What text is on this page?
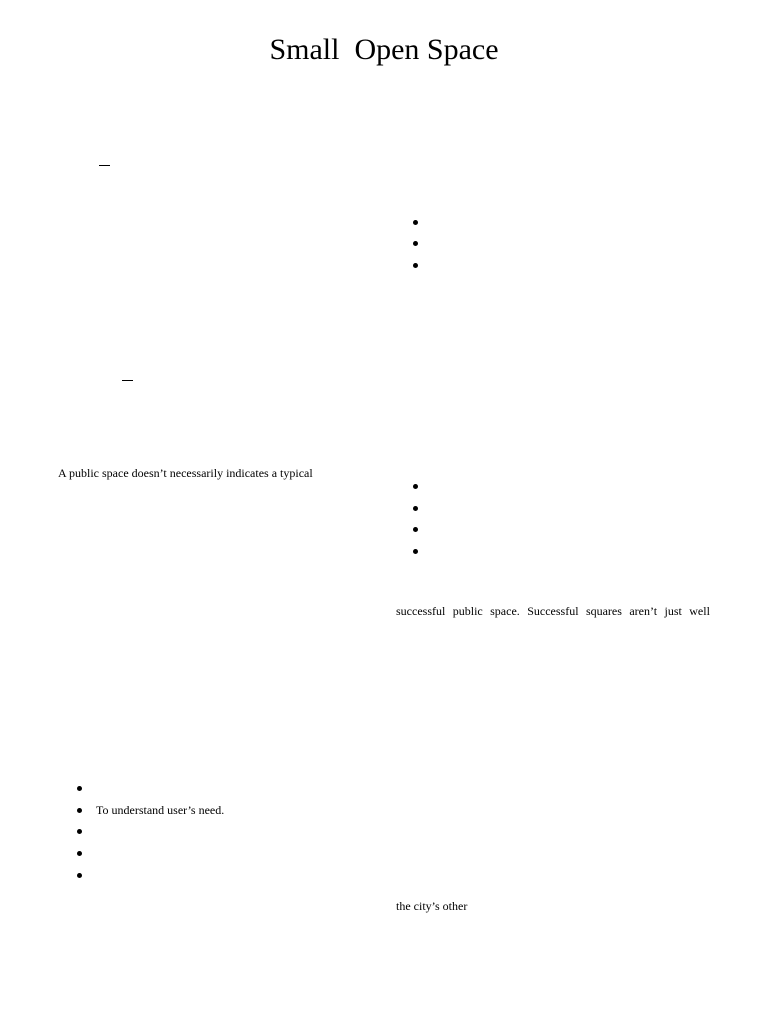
Small  Open Space
A public space doesn’t necessarily indicates a typical
To understand user’s need.
successful public space. Successful squares aren’t just well
the city’s other
